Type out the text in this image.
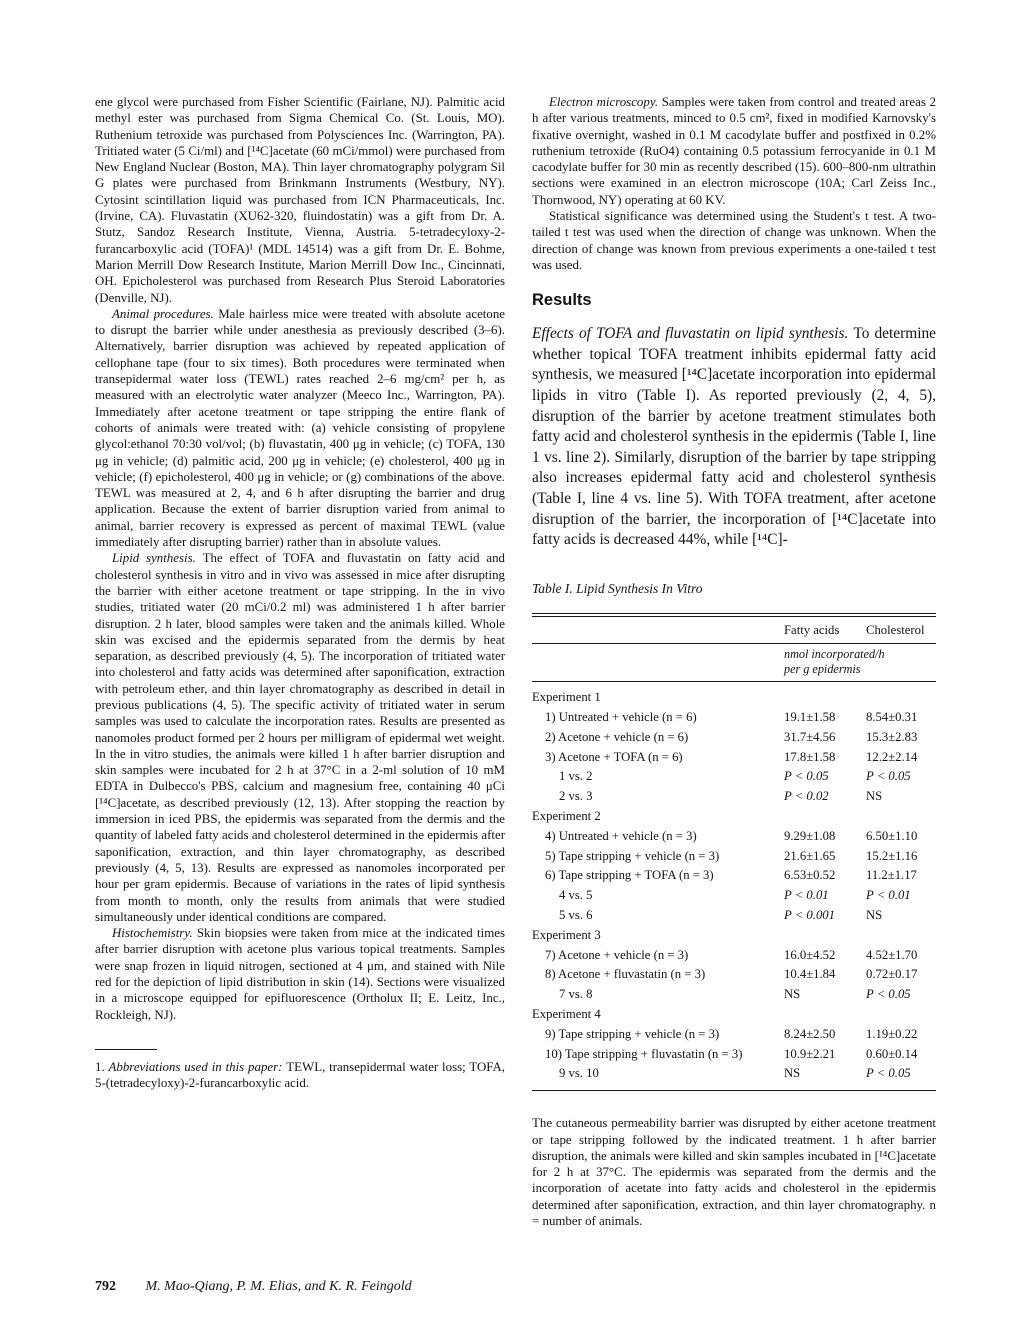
ene glycol were purchased from Fisher Scientific (Fairlane, NJ). Palmitic acid methyl ester was purchased from Sigma Chemical Co. (St. Louis, MO). Ruthenium tetroxide was purchased from Polysciences Inc. (Warrington, PA). Tritiated water (5 Ci/ml) and [¹⁴C]acetate (60 mCi/mmol) were purchased from New England Nuclear (Boston, MA). Thin layer chromatography polygram Sil G plates were purchased from Brinkmann Instruments (Westbury, NY). Cytosint scintillation liquid was purchased from ICN Pharmaceuticals, Inc. (Irvine, CA). Fluvastatin (XU62-320, fluindostatin) was a gift from Dr. A. Stutz, Sandoz Research Institute, Vienna, Austria. 5-tetradecyloxy-2-furancarboxylic acid (TOFA)¹ (MDL 14514) was a gift from Dr. E. Bohme, Marion Merrill Dow Research Institute, Marion Merrill Dow Inc., Cincinnati, OH. Epicholesterol was purchased from Research Plus Steroid Laboratories (Denville, NJ).

Animal procedures. Male hairless mice were treated with absolute acetone to disrupt the barrier while under anesthesia as previously described (3–6). Alternatively, barrier disruption was achieved by repeated application of cellophane tape (four to six times). Both procedures were terminated when transepidermal water loss (TEWL) rates reached 2–6 mg/cm² per h, as measured with an electrolytic water analyzer (Meeco Inc., Warrington, PA). Immediately after acetone treatment or tape stripping the entire flank of cohorts of animals were treated with: (a) vehicle consisting of propylene glycol:ethanol 70:30 vol/vol; (b) fluvastatin, 400 μg in vehicle; (c) TOFA, 130 μg in vehicle; (d) palmitic acid, 200 μg in vehicle; (e) cholesterol, 400 μg in vehicle; (f) epicholesterol, 400 μg in vehicle; or (g) combinations of the above. TEWL was measured at 2, 4, and 6 h after disrupting the barrier and drug application. Because the extent of barrier disruption varied from animal to animal, barrier recovery is expressed as percent of maximal TEWL (value immediately after disrupting barrier) rather than in absolute values.

Lipid synthesis. The effect of TOFA and fluvastatin on fatty acid and cholesterol synthesis in vitro and in vivo was assessed in mice after disrupting the barrier with either acetone treatment or tape stripping. In the in vivo studies, tritiated water (20 mCi/0.2 ml) was administered 1 h after barrier disruption. 2 h later, blood samples were taken and the animals killed. Whole skin was excised and the epidermis separated from the dermis by heat separation, as described previously (4, 5). The incorporation of tritiated water into cholesterol and fatty acids was determined after saponification, extraction with petroleum ether, and thin layer chromatography as described in detail in previous publications (4, 5). The specific activity of tritiated water in serum samples was used to calculate the incorporation rates. Results are presented as nanomoles product formed per 2 hours per milligram of epidermal wet weight. In the in vitro studies, the animals were killed 1 h after barrier disruption and skin samples were incubated for 2 h at 37°C in a 2-ml solution of 10 mM EDTA in Dulbecco's PBS, calcium and magnesium free, containing 40 μCi [¹⁴C]acetate, as described previously (12, 13). After stopping the reaction by immersion in iced PBS, the epidermis was separated from the dermis and the quantity of labeled fatty acids and cholesterol determined in the epidermis after saponification, extraction, and thin layer chromatography, as described previously (4, 5, 13). Results are expressed as nanomoles incorporated per hour per gram epidermis. Because of variations in the rates of lipid synthesis from month to month, only the results from animals that were studied simultaneously under identical conditions are compared.

Histochemistry. Skin biopsies were taken from mice at the indicated times after barrier disruption with acetone plus various topical treatments. Samples were snap frozen in liquid nitrogen, sectioned at 4 μm, and stained with Nile red for the depiction of lipid distribution in skin (14). Sections were visualized in a microscope equipped for epifluorescence (Ortholux II; E. Leitz, Inc., Rockleigh, NJ).

1. Abbreviations used in this paper: TEWL, transepidermal water loss; TOFA, 5-(tetradecyloxy)-2-furancarboxylic acid.

Electron microscopy. Samples were taken from control and treated areas 2 h after various treatments, minced to 0.5 cm², fixed in modified Karnovsky's fixative overnight, washed in 0.1 M cacodylate buffer and postfixed in 0.2% ruthenium tetroxide (RuO4) containing 0.5 potassium ferrocyanide in 0.1 M cacodylate buffer for 30 min as recently described (15). 600–800-nm ultrathin sections were examined in an electron microscope (10A; Carl Zeiss Inc., Thornwood, NY) operating at 60 KV.

Statistical significance was determined using the Student's t test. A two-tailed t test was used when the direction of change was unknown. When the direction of change was known from previous experiments a one-tailed t test was used.

Results

Effects of TOFA and fluvastatin on lipid synthesis. To determine whether topical TOFA treatment inhibits epidermal fatty acid synthesis, we measured [¹⁴C]acetate incorporation into epidermal lipids in vitro (Table I). As reported previously (2, 4, 5), disruption of the barrier by acetone treatment stimulates both fatty acid and cholesterol synthesis in the epidermis (Table I, line 1 vs. line 2). Similarly, disruption of the barrier by tape stripping also increases epidermal fatty acid and cholesterol synthesis (Table I, line 4 vs. line 5). With TOFA treatment, after acetone disruption of the barrier, the incorporation of [¹⁴C]acetate into fatty acids is decreased 44%, while [¹⁴C]-

Table I. Lipid Synthesis In Vitro
	Fatty acids	Cholesterol

	nmol incorporated/h
per g epidermis	

Experiment 1		
1) Untreated + vehicle (n = 6)	19.1±1.58	8.54±0.31
2) Acetone + vehicle (n = 6)	31.7±4.56	15.3±2.83
3) Acetone + TOFA (n = 6)	17.8±1.58	12.2±2.14
1 vs. 2	P < 0.05	P < 0.05
2 vs. 3	P < 0.02	NS
Experiment 2		
4) Untreated + vehicle (n = 3)	9.29±1.08	6.50±1.10
5) Tape stripping + vehicle (n = 3)	21.6±1.65	15.2±1.16
6) Tape stripping + TOFA (n = 3)	6.53±0.52	11.2±1.17
4 vs. 5	P < 0.01	P < 0.01
5 vs. 6	P < 0.001	NS
Experiment 3		
7) Acetone + vehicle (n = 3)	16.0±4.52	4.52±1.70
8) Acetone + fluvastatin (n = 3)	10.4±1.84	0.72±0.17
7 vs. 8	NS	P < 0.05
Experiment 4		
9) Tape stripping + vehicle (n = 3)	8.24±2.50	1.19±0.22
10) Tape stripping + fluvastatin (n = 3)	10.9±2.21	0.60±0.14
9 vs. 10	NS	P < 0.05

The cutaneous permeability barrier was disrupted by either acetone treatment or tape stripping followed by the indicated treatment. 1 h after barrier disruption, the animals were killed and skin samples incubated in [¹⁴C]acetate for 2 h at 37°C. The epidermis was separated from the dermis and the incorporation of acetate into fatty acids and cholesterol in the epidermis determined after saponification, extraction, and thin layer chromatography. n = number of animals.

792 M. Mao-Qiang, P. M. Elias, and K. R. Feingold
